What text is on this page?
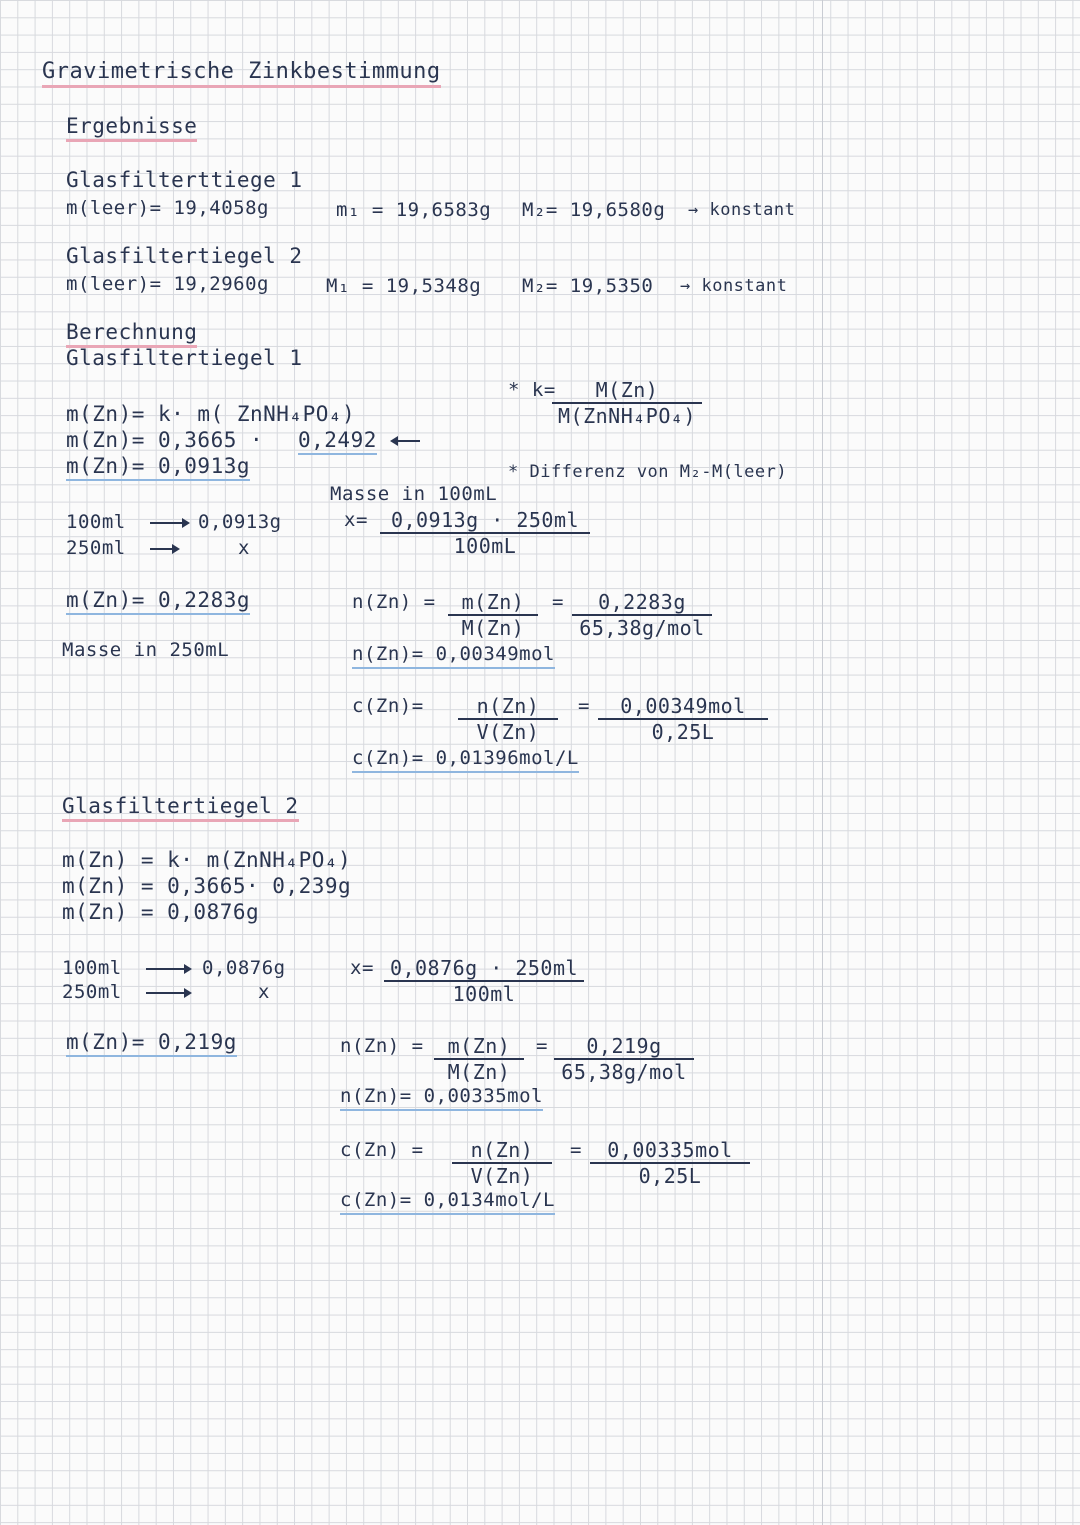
Gravimetrische Zinkbestimmung
Ergebnisse
Glasfilterttiege 1
m(leer)= 19,4058g	m₁ = 19,6583g M₂= 19,6580g → konstant
Glasfiltertiegel 2
m(leer)= 19,2960g	M₁ = 19,5348g M₂= 19,5350 → konstant
Berechnung
Glasfiltertiegel 1
* k=	M(Zn)
M(ZnNH₄PO₄)
m(Zn)= k· m( ZnNH₄PO₄)
m(Zn)= 0,3665 · 0,2492
m(Zn)= 0,0913g	* Differenz von M₂-M(leer)
Masse in 100mL
100ml	0,0913g
250ml	x
$x= \frac{0,0913g \cdot 250ml}{100mL}$
m(Zn)= 0,2283g
Masse in 250mL
$n(Zn) = \frac{m(Zn)}{M(Zn)}$ =	0,2283g
65,38g/mol
n(Zn)= 0,00349mol
$c(Zn)= \frac{n(Zn)}{V(Zn)}$ =	0,00349mol
0,25L
c(Zn)= 0,01396mol/L
Glasfiltertiegel 2
m(Zn) = k· m(ZnNH₄PO₄)
m(Zn) = 0,3665· 0,239g
m(Zn) = 0,0876g
100ml	0,0876g
250ml	x
$x= \frac{0,0876g \cdot 250ml}{100ml}$
m(Zn)= 0,219g	$n(Zn) = \frac{m(Zn)}{M(Zn)}$ =	0,219g
65,38g/mol
n(Zn)= 0,00335mol
$c(Zn) = \frac{n(Zn)}{V(Zn)}$ =	0,00335mol
0,25L
c(Zn)= 0,0134mol/L
